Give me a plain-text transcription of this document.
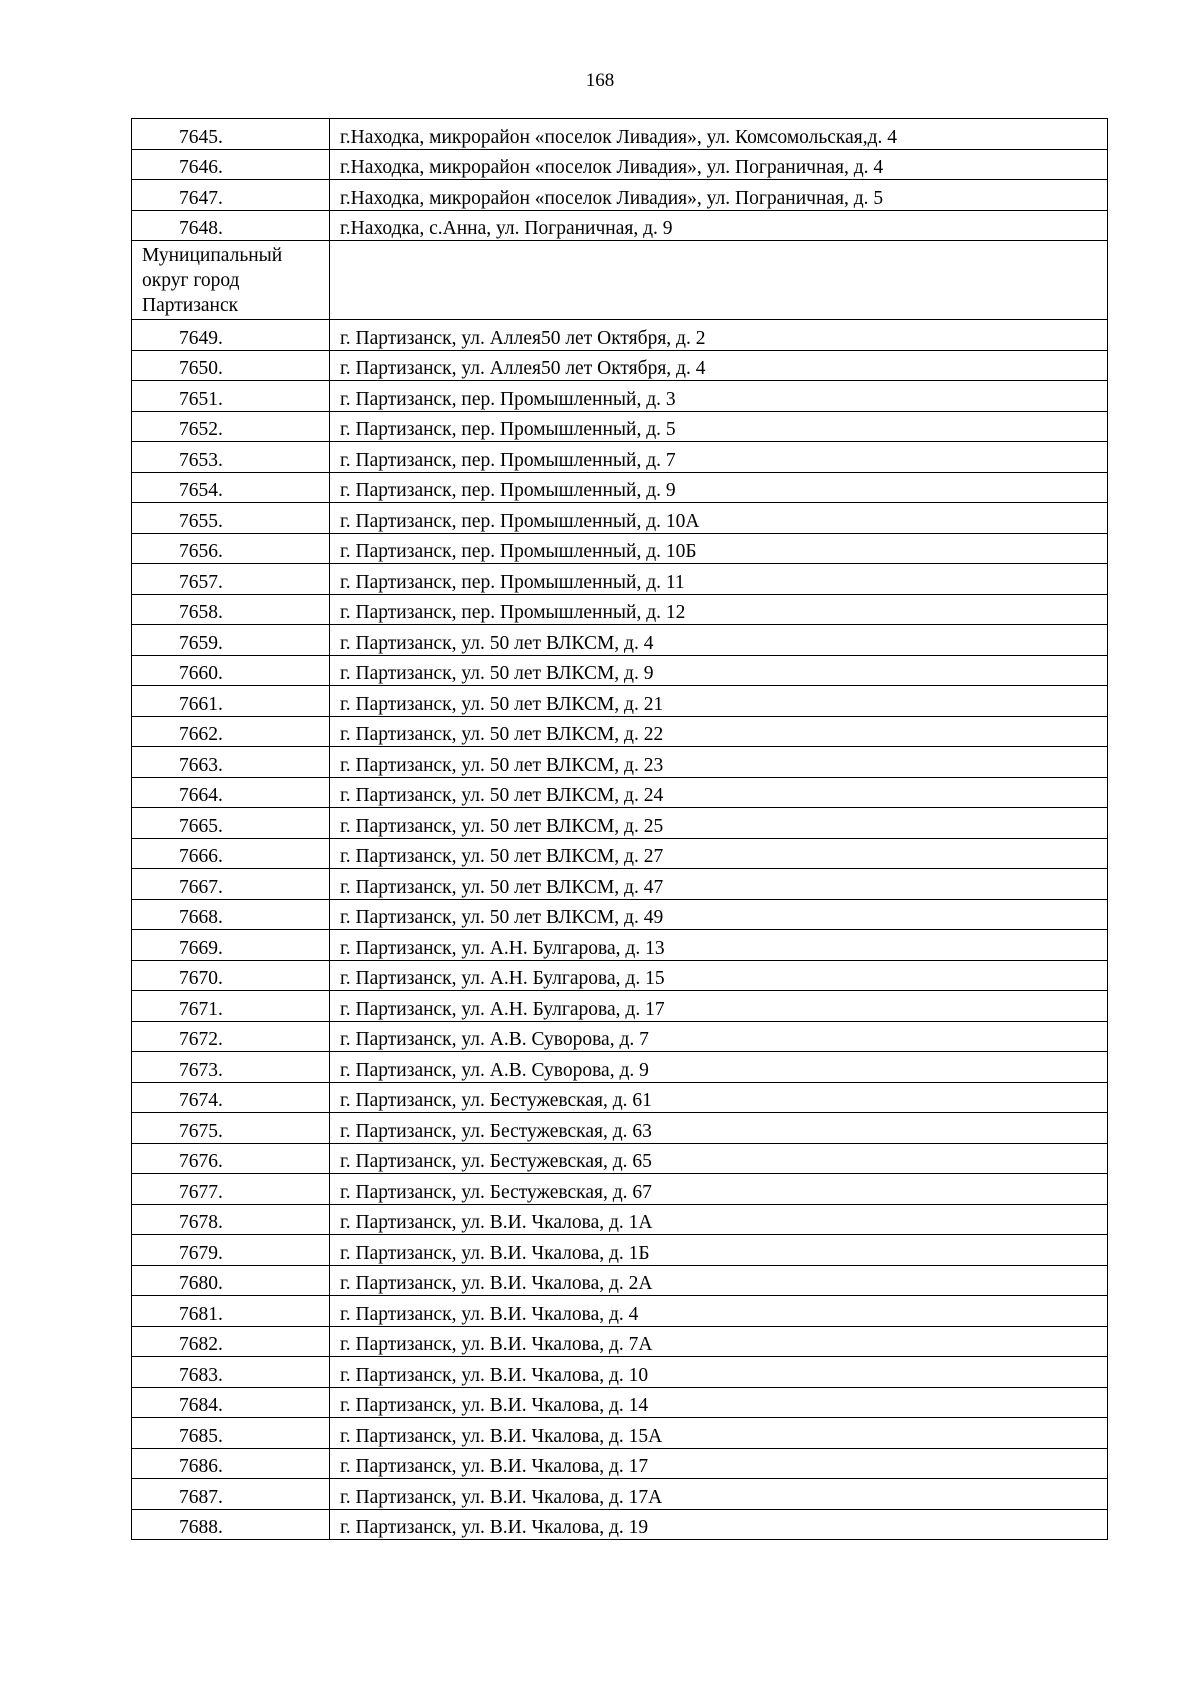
168
7645.	г.Находка, микрорайон «поселок Ливадия», ул. Комсомольская,д. 4
7646.	г.Находка, микрорайон «поселок Ливадия», ул. Пограничная, д. 4
7647.	г.Находка, микрорайон «поселок Ливадия», ул. Пограничная, д. 5
7648.	г.Находка, с.Анна, ул. Пограничная, д. 9
Муниципальный округ город Партизанск	
7649.	г. Партизанск, ул. Аллея50 лет Октября, д. 2
7650.	г. Партизанск, ул. Аллея50 лет Октября, д. 4
7651.	г. Партизанск, пер. Промышленный, д. 3
7652.	г. Партизанск, пер. Промышленный, д. 5
7653.	г. Партизанск, пер. Промышленный, д. 7
7654.	г. Партизанск, пер. Промышленный, д. 9
7655.	г. Партизанск, пер. Промышленный, д. 10А
7656.	г. Партизанск, пер. Промышленный, д. 10Б
7657.	г. Партизанск, пер. Промышленный, д. 11
7658.	г. Партизанск, пер. Промышленный, д. 12
7659.	г. Партизанск, ул. 50 лет ВЛКСМ, д. 4
7660.	г. Партизанск, ул. 50 лет ВЛКСМ, д. 9
7661.	г. Партизанск, ул. 50 лет ВЛКСМ, д. 21
7662.	г. Партизанск, ул. 50 лет ВЛКСМ, д. 22
7663.	г. Партизанск, ул. 50 лет ВЛКСМ, д. 23
7664.	г. Партизанск, ул. 50 лет ВЛКСМ, д. 24
7665.	г. Партизанск, ул. 50 лет ВЛКСМ, д. 25
7666.	г. Партизанск, ул. 50 лет ВЛКСМ, д. 27
7667.	г. Партизанск, ул. 50 лет ВЛКСМ, д. 47
7668.	г. Партизанск, ул. 50 лет ВЛКСМ, д. 49
7669.	г. Партизанск, ул. А.Н. Булгарова, д. 13
7670.	г. Партизанск, ул. А.Н. Булгарова, д. 15
7671.	г. Партизанск, ул. А.Н. Булгарова, д. 17
7672.	г. Партизанск, ул. А.В. Суворова, д. 7
7673.	г. Партизанск, ул. А.В. Суворова, д. 9
7674.	г. Партизанск, ул. Бестужевская, д. 61
7675.	г. Партизанск, ул. Бестужевская, д. 63
7676.	г. Партизанск, ул. Бестужевская, д. 65
7677.	г. Партизанск, ул. Бестужевская, д. 67
7678.	г. Партизанск, ул. В.И. Чкалова, д. 1А
7679.	г. Партизанск, ул. В.И. Чкалова, д. 1Б
7680.	г. Партизанск, ул. В.И. Чкалова, д. 2А
7681.	г. Партизанск, ул. В.И. Чкалова, д. 4
7682.	г. Партизанск, ул. В.И. Чкалова, д. 7А
7683.	г. Партизанск, ул. В.И. Чкалова, д. 10
7684.	г. Партизанск, ул. В.И. Чкалова, д. 14
7685.	г. Партизанск, ул. В.И. Чкалова, д. 15А
7686.	г. Партизанск, ул. В.И. Чкалова, д. 17
7687.	г. Партизанск, ул. В.И. Чкалова, д. 17А
7688.	г. Партизанск, ул. В.И. Чкалова, д. 19
